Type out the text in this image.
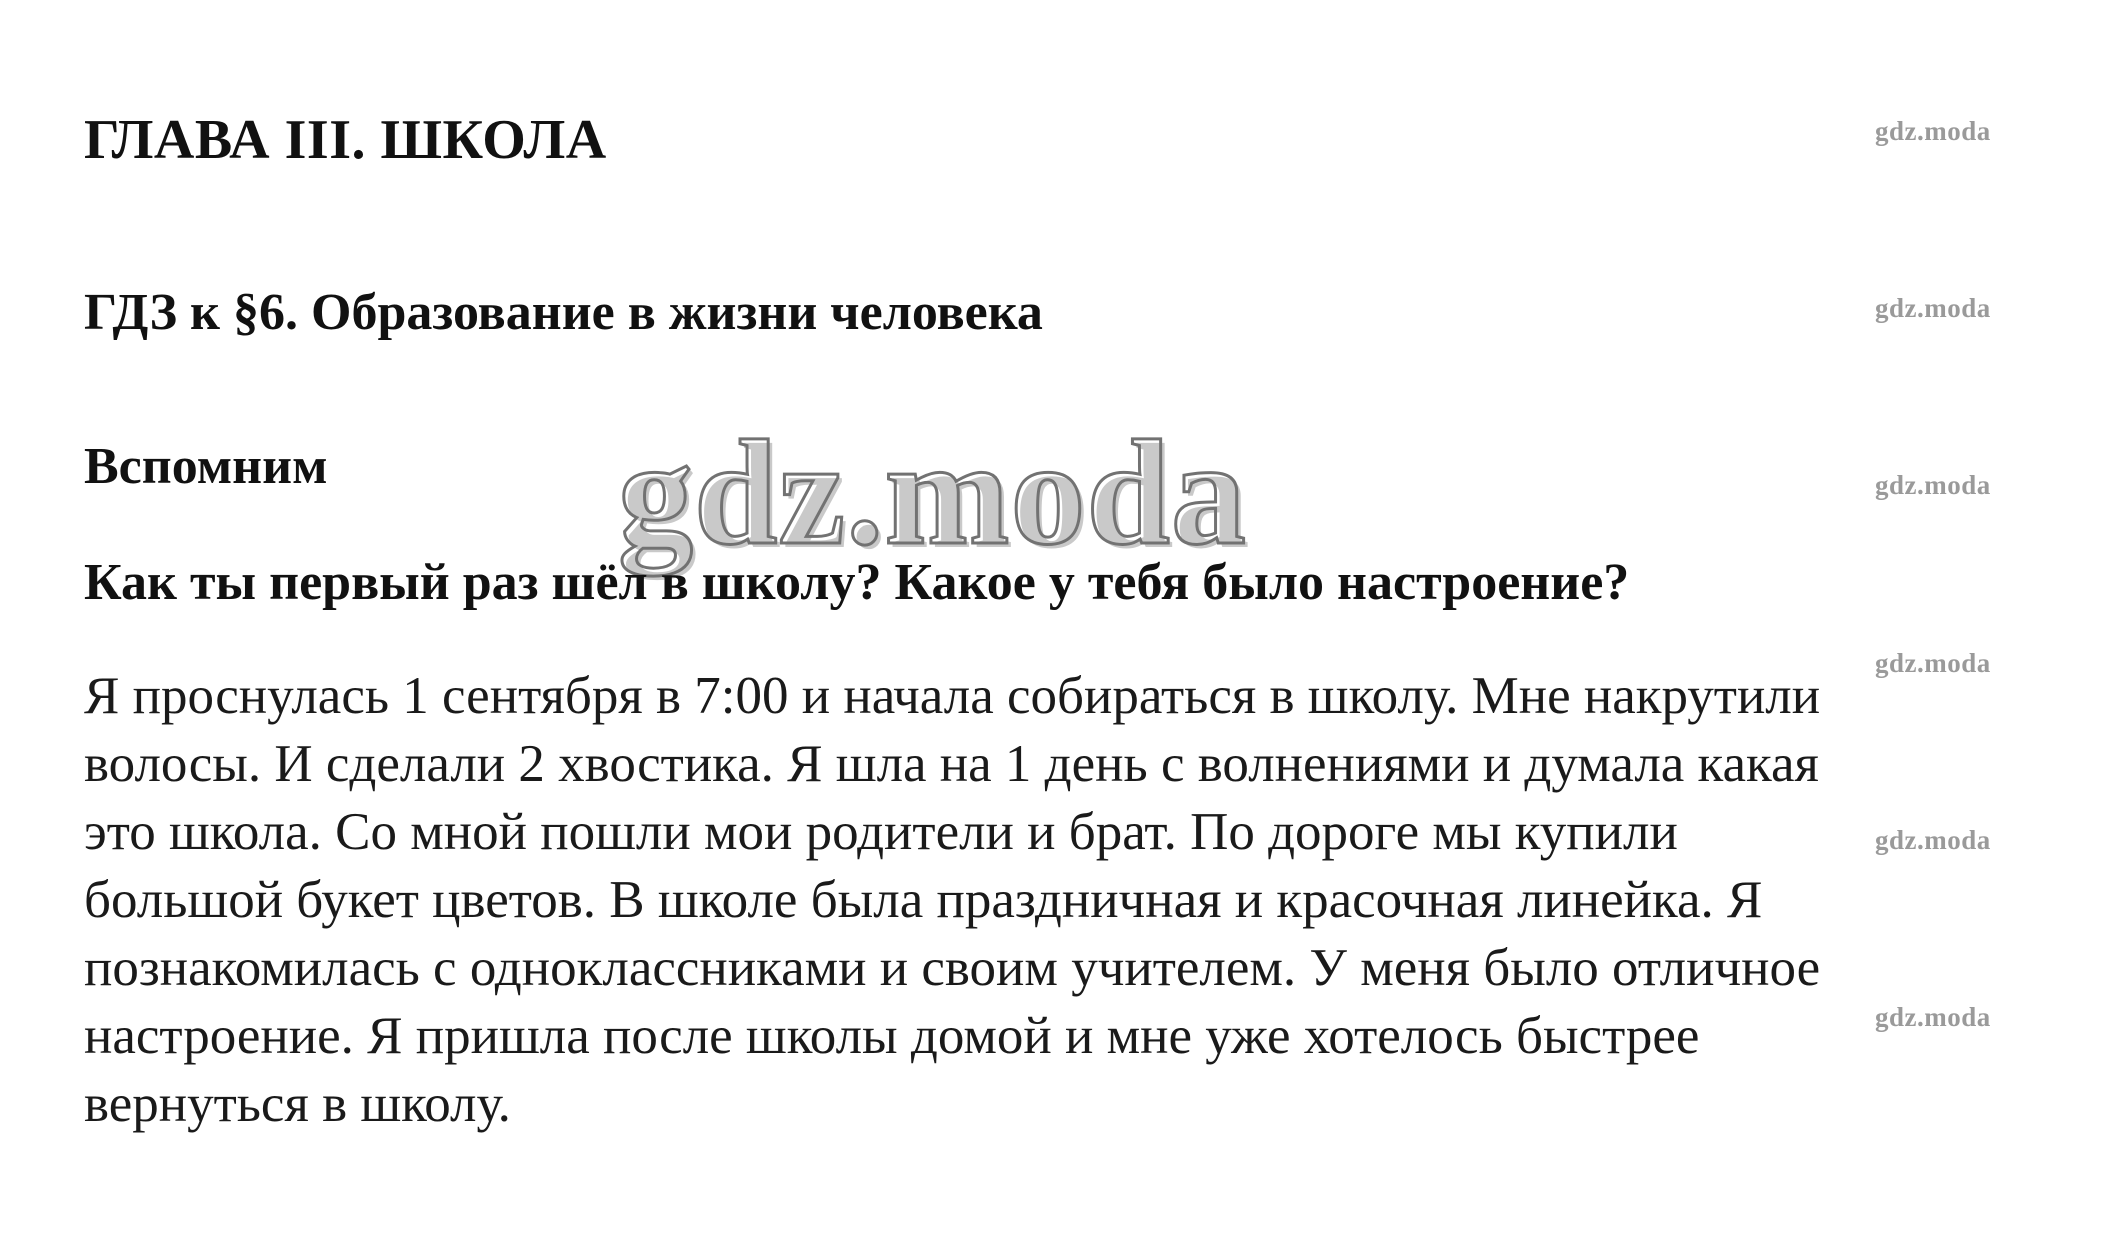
ГЛАВА III. ШКОЛА
ГДЗ к §6. Образование в жизни человека
Вспомним gdz.moda
Как ты первый раз шёл в школу? Какое у тебя было настроение?

Я проснулась 1 сентября в 7:00 и начала собираться в школу. Мне накрутили
волосы. И сделали 2 хвостика. Я шла на 1 день с волнениями и думала какая
это школа. Со мной пошли мои родители и брат. По дороге мы купили
большой букет цветов. В школе была праздничная и красочная линейка. Я
познакомилась с одноклассниками и своим учителем. У меня было отличное
настроение. Я пришла после школы домой и мне уже хотелось быстрее
вернуться в школу.

gdz.moda
gdz.moda
gdz.moda
gdz.moda
gdz.moda
gdz.moda
